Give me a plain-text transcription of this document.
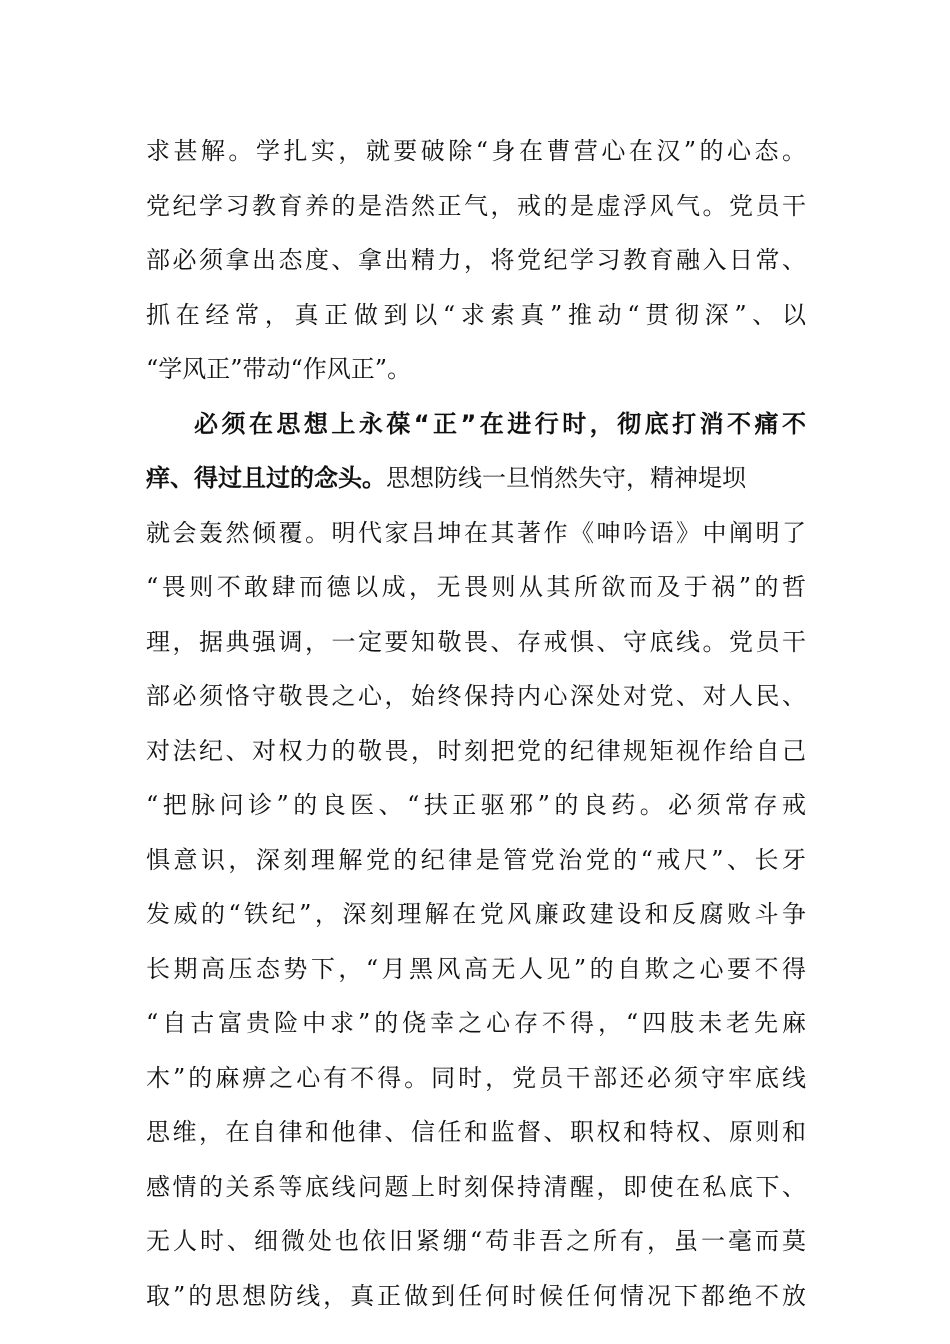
求甚解。学扎实，就要破除“身在曹营心在汉”的心态。
党纪学习教育养的是浩然正气，戒的是虚浮风气。党员干
部必须拿出态度、拿出精力，将党纪学习教育融入日常、
抓在经常，真正做到以“求索真”推动“贯彻深”、以
“学风正”带动“作风正”。
必须在思想上永葆“正”在进行时，彻底打消不痛不
痒、得过且过的念头。思想防线一旦悄然失守，精神堤坝
就会轰然倾覆。明代家吕坤在其著作《呻吟语》中阐明了
“畏则不敢肆而德以成，无畏则从其所欲而及于祸”的哲
理，据典强调，一定要知敬畏、存戒惧、守底线。党员干
部必须恪守敬畏之心，始终保持内心深处对党、对人民、
对法纪、对权力的敬畏，时刻把党的纪律规矩视作给自己
“把脉问诊”的良医、“扶正驱邪”的良药。必须常存戒
惧意识，深刻理解党的纪律是管党治党的“戒尺”、长牙
发威的“铁纪”，深刻理解在党风廉政建设和反腐败斗争
长期高压态势下，“月黑风高无人见”的自欺之心要不得
“自古富贵险中求”的侥幸之心存不得，“四肢未老先麻
木”的麻痹之心有不得。同时，党员干部还必须守牢底线
思维，在自律和他律、信任和监督、职权和特权、原则和
感情的关系等底线问题上时刻保持清醒，即使在私底下、
无人时、细微处也依旧紧绷“苟非吾之所有，虽一毫而莫
取”的思想防线，真正做到任何时候任何情况下都绝不放
